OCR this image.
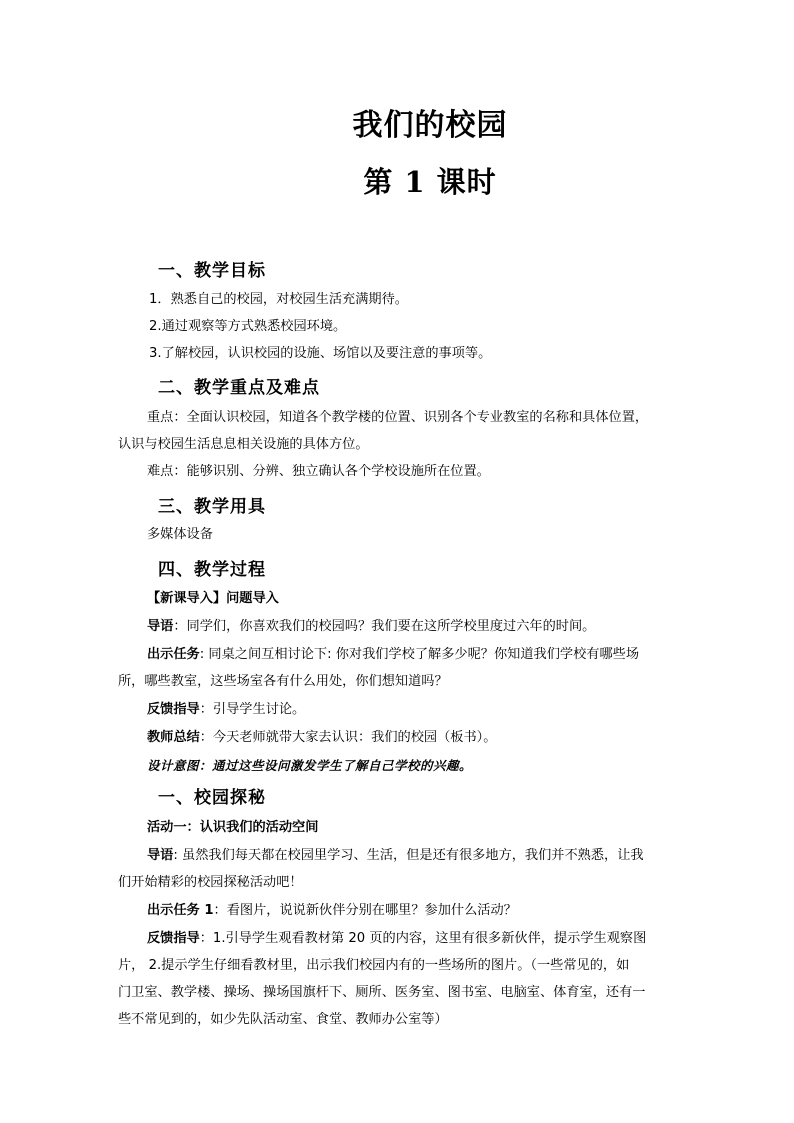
我们的校园
第 1 课时
一、教学目标
1．熟悉自己的校园，对校园生活充满期待。
2.通过观察等方式熟悉校园环境。
3.了解校园，认识校园的设施、场馆以及要注意的事项等。
二、教学重点及难点
重点：全面认识校园，知道各个教学楼的位置、识别各个专业教室的名称和具体位置，
认识与校园生活息息相关设施的具体方位。
难点：能够识别、分辨、独立确认各个学校设施所在位置。
三、教学用具
多媒体设备
四、教学过程
【新课导入】问题导入
导语：同学们，你喜欢我们的校园吗？我们要在这所学校里度过六年的时间。
出示任务: 同桌之间互相讨论下: 你对我们学校了解多少呢？你知道我们学校有哪些场
所，哪些教室，这些场室各有什么用处，你们想知道吗？
反馈指导：引导学生讨论。
教师总结：今天老师就带大家去认识：我们的校园（板书）。
设计意图：通过这些设问激发学生了解自己学校的兴趣。
一、校园探秘
活动一：认识我们的活动空间
导语: 虽然我们每天都在校园里学习、生活，但是还有很多地方，我们并不熟悉，让我
们开始精彩的校园探秘活动吧！
出示任务 1：看图片，说说新伙伴分别在哪里？参加什么活动？
反馈指导：1.引导学生观看教材第 20 页的内容，这里有很多新伙伴，提示学生观察图
片， 2.提示学生仔细看教材里，出示我们校园内有的一些场所的图片。（一些常见的，如
门卫室、教学楼、操场、操场国旗杆下、厕所、医务室、图书室、电脑室、体育室，还有一
些不常见到的，如少先队活动室、食堂、教师办公室等）
